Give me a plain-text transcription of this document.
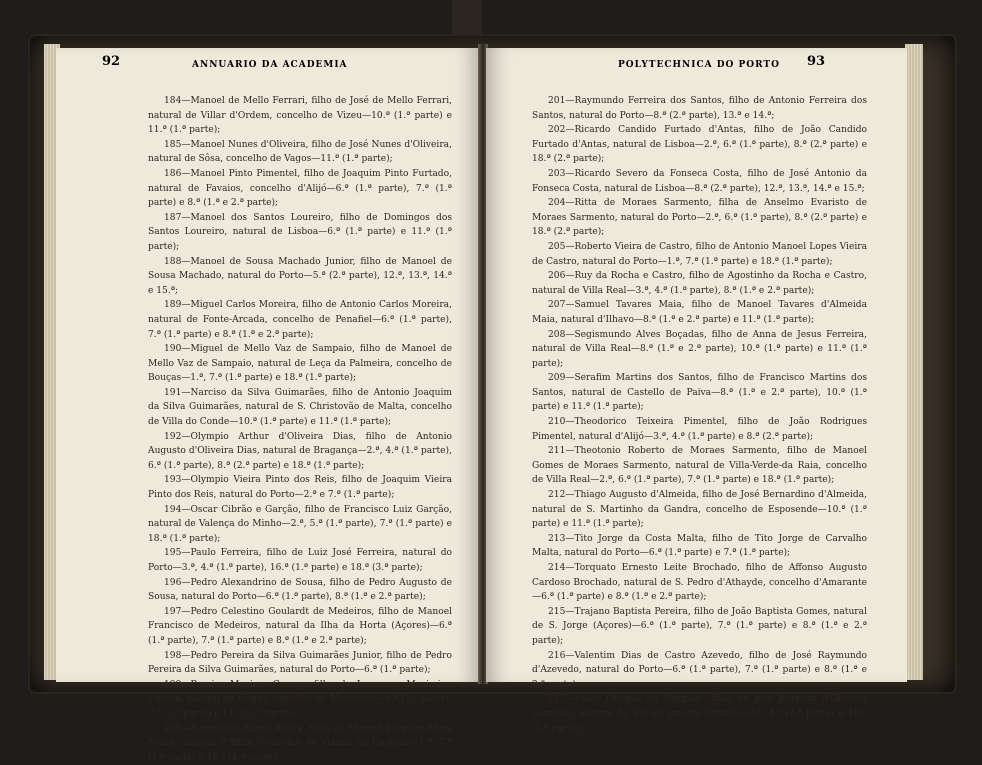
184—Manoel de Mello Ferrari, filho de José de Mello Ferrari, natural de Villar d'Ordem, concelho de Vizeu—10.ª (1.ª parte) e 11.ª (1.ª parte);

185—Manoel Nunes d'Oliveira, filho de José Nunes d'Oliveira, natural de Sôsa, concelho de Vagos—11.ª (1.ª parte);

186—Manoel Pinto Pimentel, filho de Joaquim Pinto Furtado, natural de Favaios, concelho d'Alijó—6.ª (1.ª parte), 7.ª (1.ª parte) e 8.ª (1.ª e 2.ª parte);

187—Manoel dos Santos Loureiro, filho de Domingos dos Santos Loureiro, natural de Lisboa—6.ª (1.ª parte) e 11.ª (1.ª parte);

188—Manoel de Sousa Machado Junior, filho de Manoel de Sousa Machado, natural do Porto—5.ª (2.ª parte), 12.ª, 13.ª, 14.ª e 15.ª;

189—Miguel Carlos Moreira, filho de Antonio Carlos Moreira, natural de Fonte-Arcada, concelho de Penafiel—6.ª (1.ª parte), 7.ª (1.ª parte) e 8.ª (1.ª e 2.ª parte);

190—Miguel de Mello Vaz de Sampaio, filho de Manoel de Mello Vaz de Sampaio, natural de Leça da Palmeira, concelho de Bouças—1.ª, 7.ª (1.ª parte) e 18.ª (1.ª parte);

191—Narciso da Silva Guimarães, filho de Antonio Joaquim da Silva Guimarães, natural de S. Christovão de Malta, concelho de Villa do Conde—10.ª (1.ª parte) e 11.ª (1.ª parte);

192—Olympio Arthur d'Oliveira Dias, filho de Antonio Augusto d'Oliveira Dias, natural de Bragança—2.ª, 4.ª (1.ª parte), 6.ª (1.ª parte), 8.ª (2.ª parte) e 18.ª (1.ª parte);

193—Olympio Vieira Pinto dos Reis, filho de Joaquim Vieira Pinto dos Reis, natural do Porto—2.ª e 7.ª (1.ª parte);

194—Oscar Cibrão e Garção, filho de Francisco Luiz Garção, natural de Valença do Minho—2.ª, 5.ª (1.ª parte), 7.ª (1.ª parte) e 18.ª (1.ª parte);

195—Paulo Ferreira, filho de Luiz José Ferreira, natural do Porto—3.ª, 4.ª (1.ª parte), 16.ª (1.ª parte) e 18.ª (3.ª parte);

196—Pedro Alexandrino de Sousa, filho de Pedro Augusto de Sousa, natural do Porto—6.ª (1.ª parte), 8.ª (1.ª e 2.ª parte);

197—Pedro Celestino Goulardt de Medeiros, filho de Manoel Francisco de Medeiros, natural da Ilha da Horta (Açores)—6.ª (1.ª parte), 7.ª (1.ª parte) e 8.ª (1.ª e 2.ª parte);

198—Pedro Pereira da Silva Guimarães Junior, filho de Pedro Pereira da Silva Guimarães, natural do Porto—6.ª (1.ª parte);

199—Ramiro Maximo Guerra, filho de Jeronymo Maximino Guerra, natural de Felgar, concelho de Moncorvo—6.ª (1.ª parte), 7.ª (1.ª parte) e 11.ª (1.ª parte);

200—Raymundo Ennes Meira, filho de Manoel Joaquim Alves Meira, natural d'Affife, concelho de Vianna do Castello—1.ª, 7.ª (1.ª parte) e 18.ª (1.ª parte);

201—Raymundo Ferreira dos Santos, filho de Antonio Ferreira dos Santos, natural do Porto—8.ª (2.ª parte), 13.ª e 14.ª;

202—Ricardo Candido Furtado d'Antas, filho de João Candido Furtado d'Antas, natural de Lisboa—2.ª, 6.ª (1.ª parte), 8.ª (2.ª parte) e 18.ª (2.ª parte);

203—Ricardo Severo da Fonseca Costa, filho de José Antonio da Fonseca Costa, natural de Lisboa—8.ª (2.ª parte), 12.ª, 13.ª, 14.ª e 15.ª;

204—Ritta de Moraes Sarmento, filha de Anselmo Evaristo de Moraes Sarmento, natural do Porto—2.ª, 6.ª (1.ª parte), 8.ª (2.ª parte) e 18.ª (2.ª parte);

205—Roberto Vieira de Castro, filho de Antonio Manoel Lopes Vieira de Castro, natural do Porto—1.ª, 7.ª (1.ª parte) e 18.ª (1.ª parte);

206—Ruy da Rocha e Castro, filho de Agostinho da Rocha e Castro, natural de Villa Real—3.ª, 4.ª (1.ª parte), 8.ª (1.ª e 2.ª parte);

207—Samuel Tavares Maia, filho de Manoel Tavares d'Almeida Maia, natural d'Ilhavo—8.ª (1.ª e 2.ª parte) e 11.ª (1.ª parte);

208—Segismundo Alves Boçadas, filho de Anna de Jesus Ferreira, natural de Villa Real—8.ª (1.ª e 2.ª parte), 10.ª (1.ª parte) e 11.ª (1.ª parte);

209—Serafim Martins dos Santos, filho de Francisco Martins dos Santos, natural de Castello de Paiva—8.ª (1.ª e 2.ª parte), 10.ª (1.ª parte) e 11.ª (1.ª parte);

210—Theodorico Teixeira Pimentel, filho de João Rodrigues Pimentel, natural d'Alijó—3.ª, 4.ª (1.ª parte) e 8.ª (2.ª parte);

211—Theotonio Roberto de Moraes Sarmento, filho de Manoel Gomes de Moraes Sarmento, natural de Villa-Verde-da Raia, concelho de Villa Real—2.ª, 6.ª (1.ª parte), 7.ª (1.ª parte) e 18.ª (1.ª parte);

212—Thiago Augusto d'Almeida, filho de José Bernardino d'Almeida, natural de S. Martinho da Gandra, concelho de Esposende—10.ª (1.ª parte) e 11.ª (1.ª parte);

213—Tito Jorge da Costa Malta, filho de Tito Jorge de Carvalho Malta, natural do Porto—6.ª (1.ª parte) e 7.ª (1.ª parte);

214—Torquato Ernesto Leite Brochado, filho de Affonso Augusto Cardoso Brochado, natural de S. Pedro d'Athayde, concelho d'Amarante—6.ª (1.ª parte) e 8.ª (1.ª e 2.ª parte);

215—Trajano Baptista Pereira, filho de João Baptista Gomes, natural de S. Jorge (Açores)—6.ª (1.ª parte), 7.ª (1.ª parte) e 8.ª (1.ª e 2.ª parte);

216—Valentim Dias de Castro Azevedo, filho de José Raymundo d'Azevedo, natural do Porto—6.ª (1.ª parte), 7.ª (1.ª parte) e 8.ª (1.ª e 2.ª parte);

217—Vasco Ortigão de Sampaio, filho de José Joaquim d'Oliveira Sampaio, natural do Rio de Janeiro (Brazil)—3.ª, 4.ª (2.ª parte) e 10.ª (1.ª parte);

92	ANNUARIO DA ACADEMIA	POLYTECHNICA DO PORTO 93
